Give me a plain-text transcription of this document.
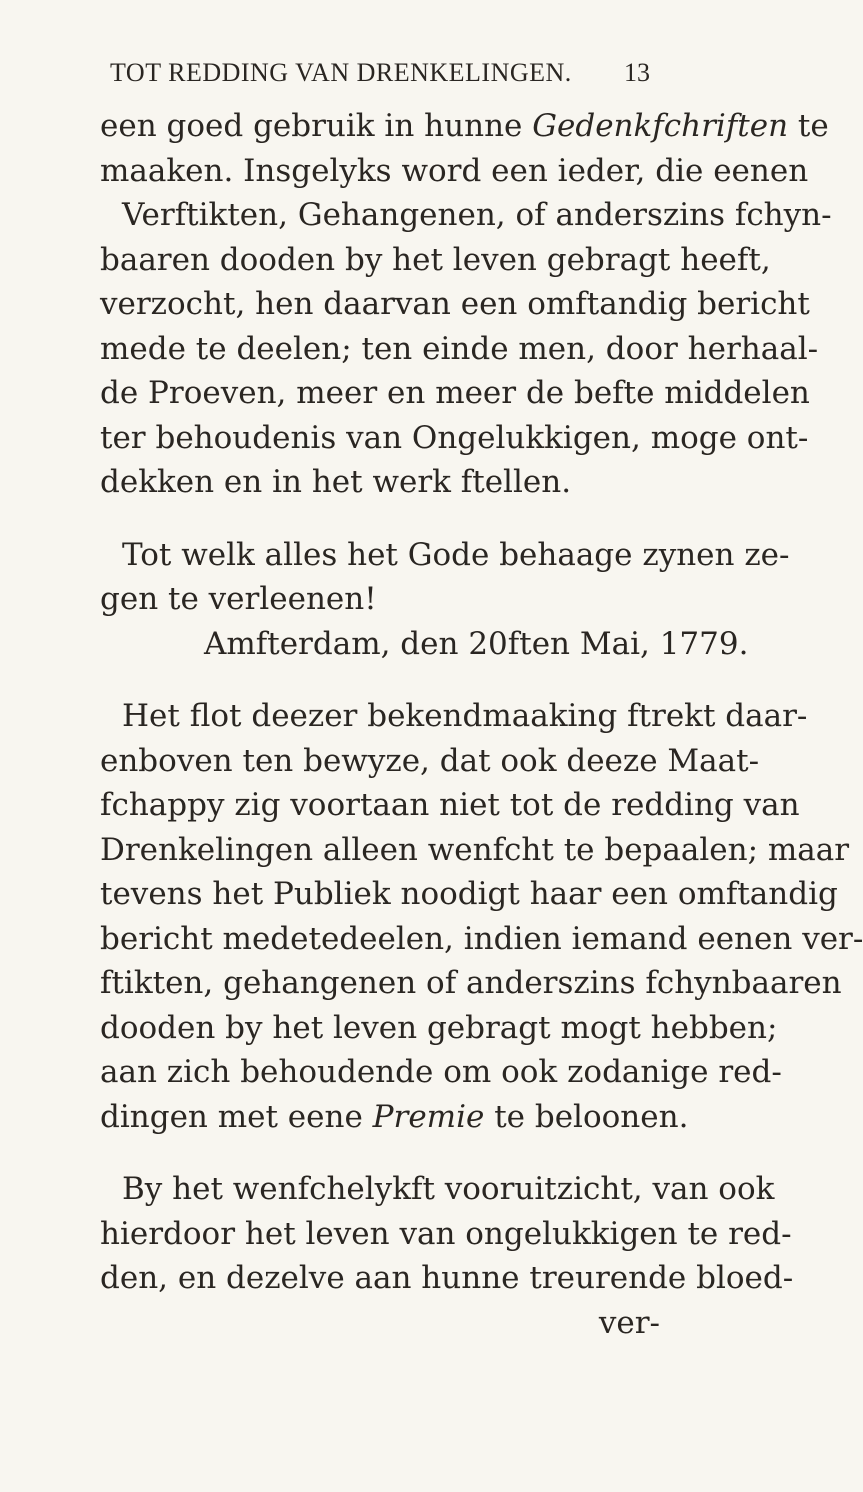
TOT REDDING VAN DRENKELINGEN. 13
een goed gebruik in hunne Gedenkfchriften te
maaken. Insgelyks word een ieder, die eenen
Verftikten, Gehangenen, of anderszins fchyn-
baaren dooden by het leven gebragt heeft,
verzocht, hen daarvan een omftandig bericht
mede te deelen; ten einde men, door herhaal-
de Proeven, meer en meer de befte middelen
ter behoudenis van Ongelukkigen, moge ont-
dekken en in het werk ftellen.
Tot welk alles het Gode behaage zynen ze-
gen te verleenen!
Amfterdam, den 20ften Mai, 1779.
Het flot deezer bekendmaaking ftrekt daar-
enboven ten bewyze, dat ook deeze Maat-
fchappy zig voortaan niet tot de redding van
Drenkelingen alleen wenfcht te bepaalen; maar
tevens het Publiek noodigt haar een omftandig
bericht medetedeelen, indien iemand eenen ver-
ftikten, gehangenen of anderszins fchynbaaren
dooden by het leven gebragt mogt hebben;
aan zich behoudende om ook zodanige red-
dingen met eene Premie te beloonen.
By het wenfchelykft vooruitzicht, van ook
hierdoor het leven van ongelukkigen te red-
den, en dezelve aan hunne treurende bloed-
ver-
